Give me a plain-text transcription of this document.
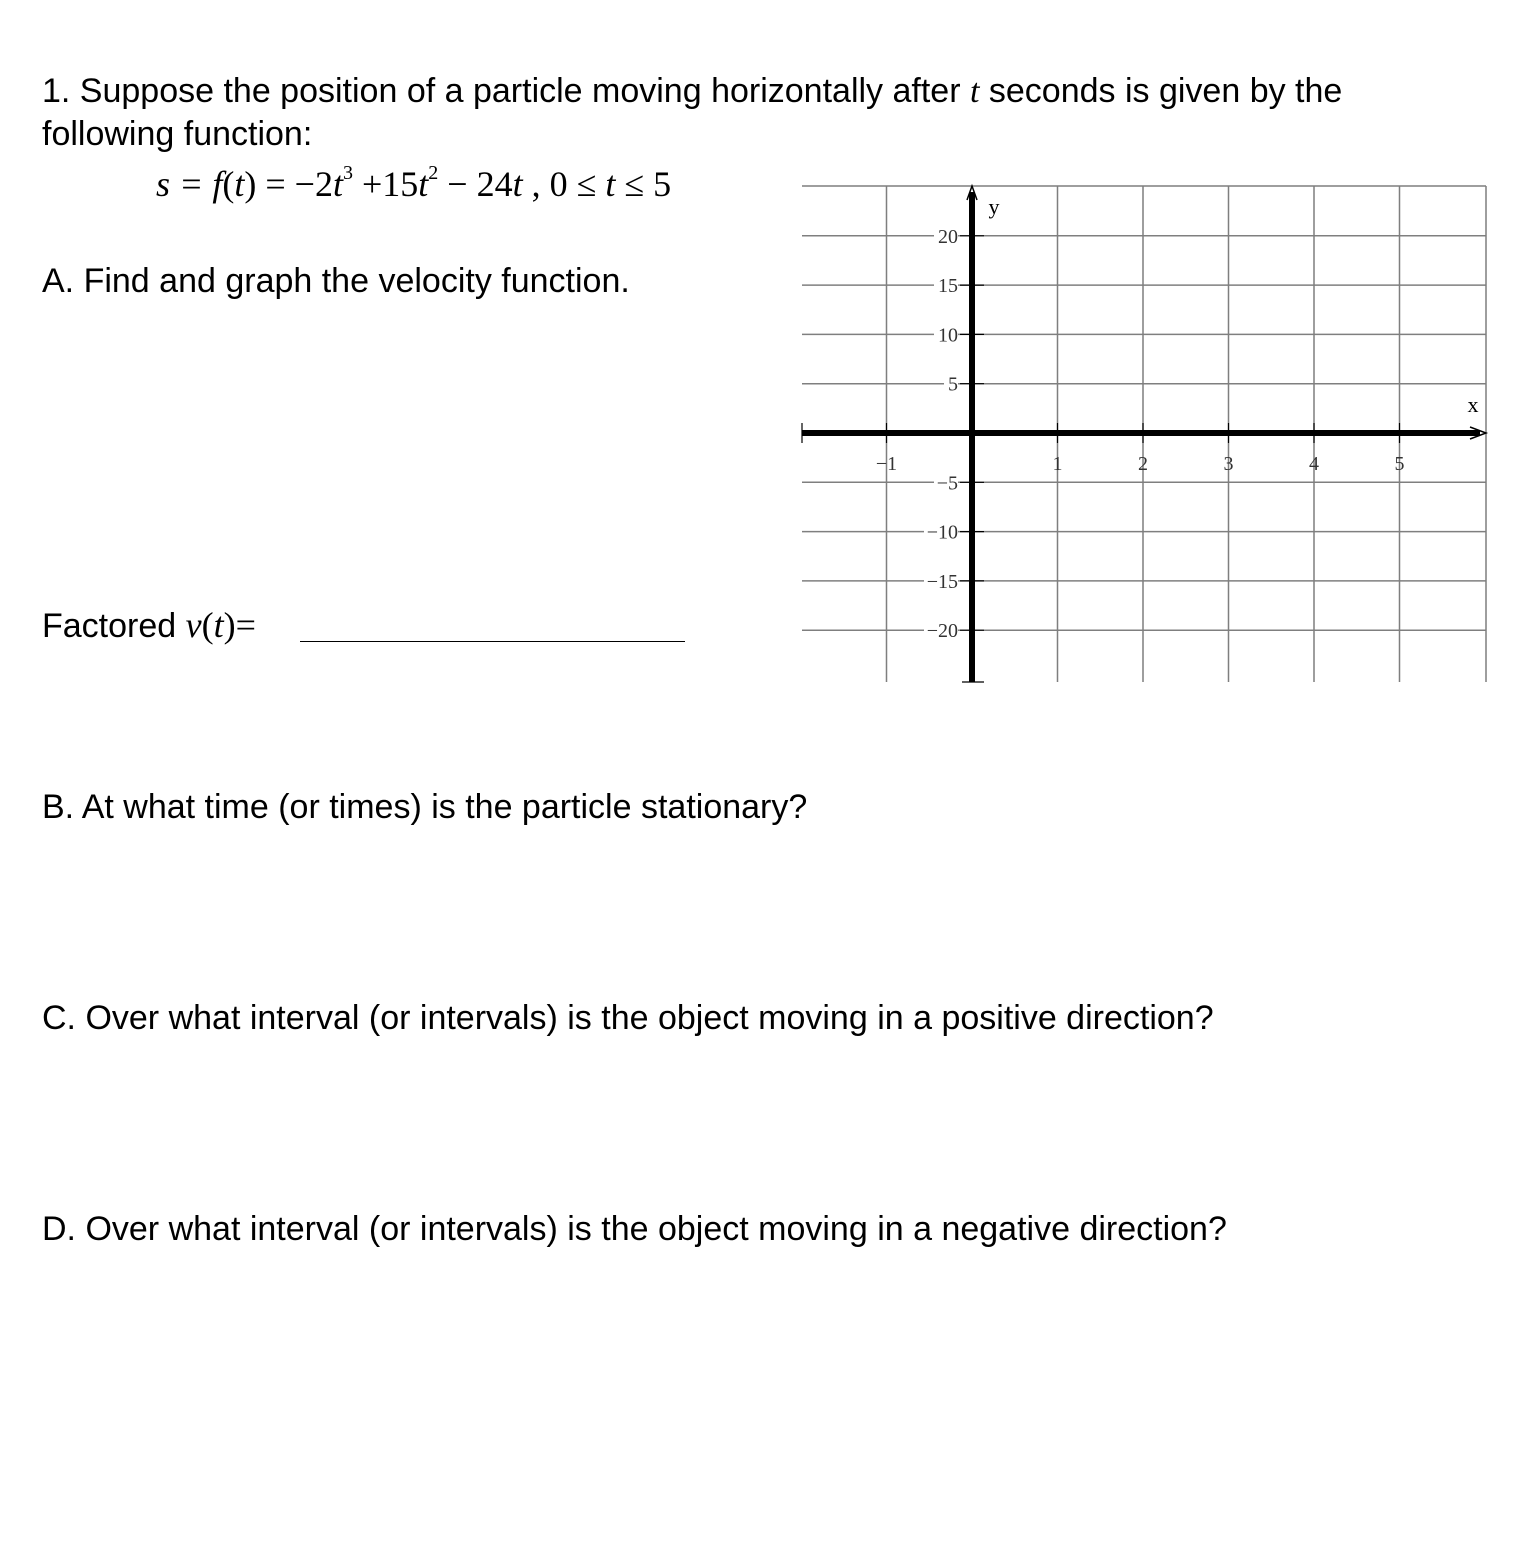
1. Suppose the position of a particle moving horizontally after t seconds is given by the
following function:
$s = f(t) = -2t^3 +15t^2 - 24t$ , 0 ≤ t ≤ 5
A. Find and graph the velocity function.
Factored v(t)=
B. At what time (or times) is the particle stationary?
C. Over what interval (or intervals) is the object moving in a positive direction?
D. Over what interval (or intervals) is the object moving in a negative direction?
−1	1	2	3	4	5
20
15
10
5
−5
−10
−15
−20
x
y
